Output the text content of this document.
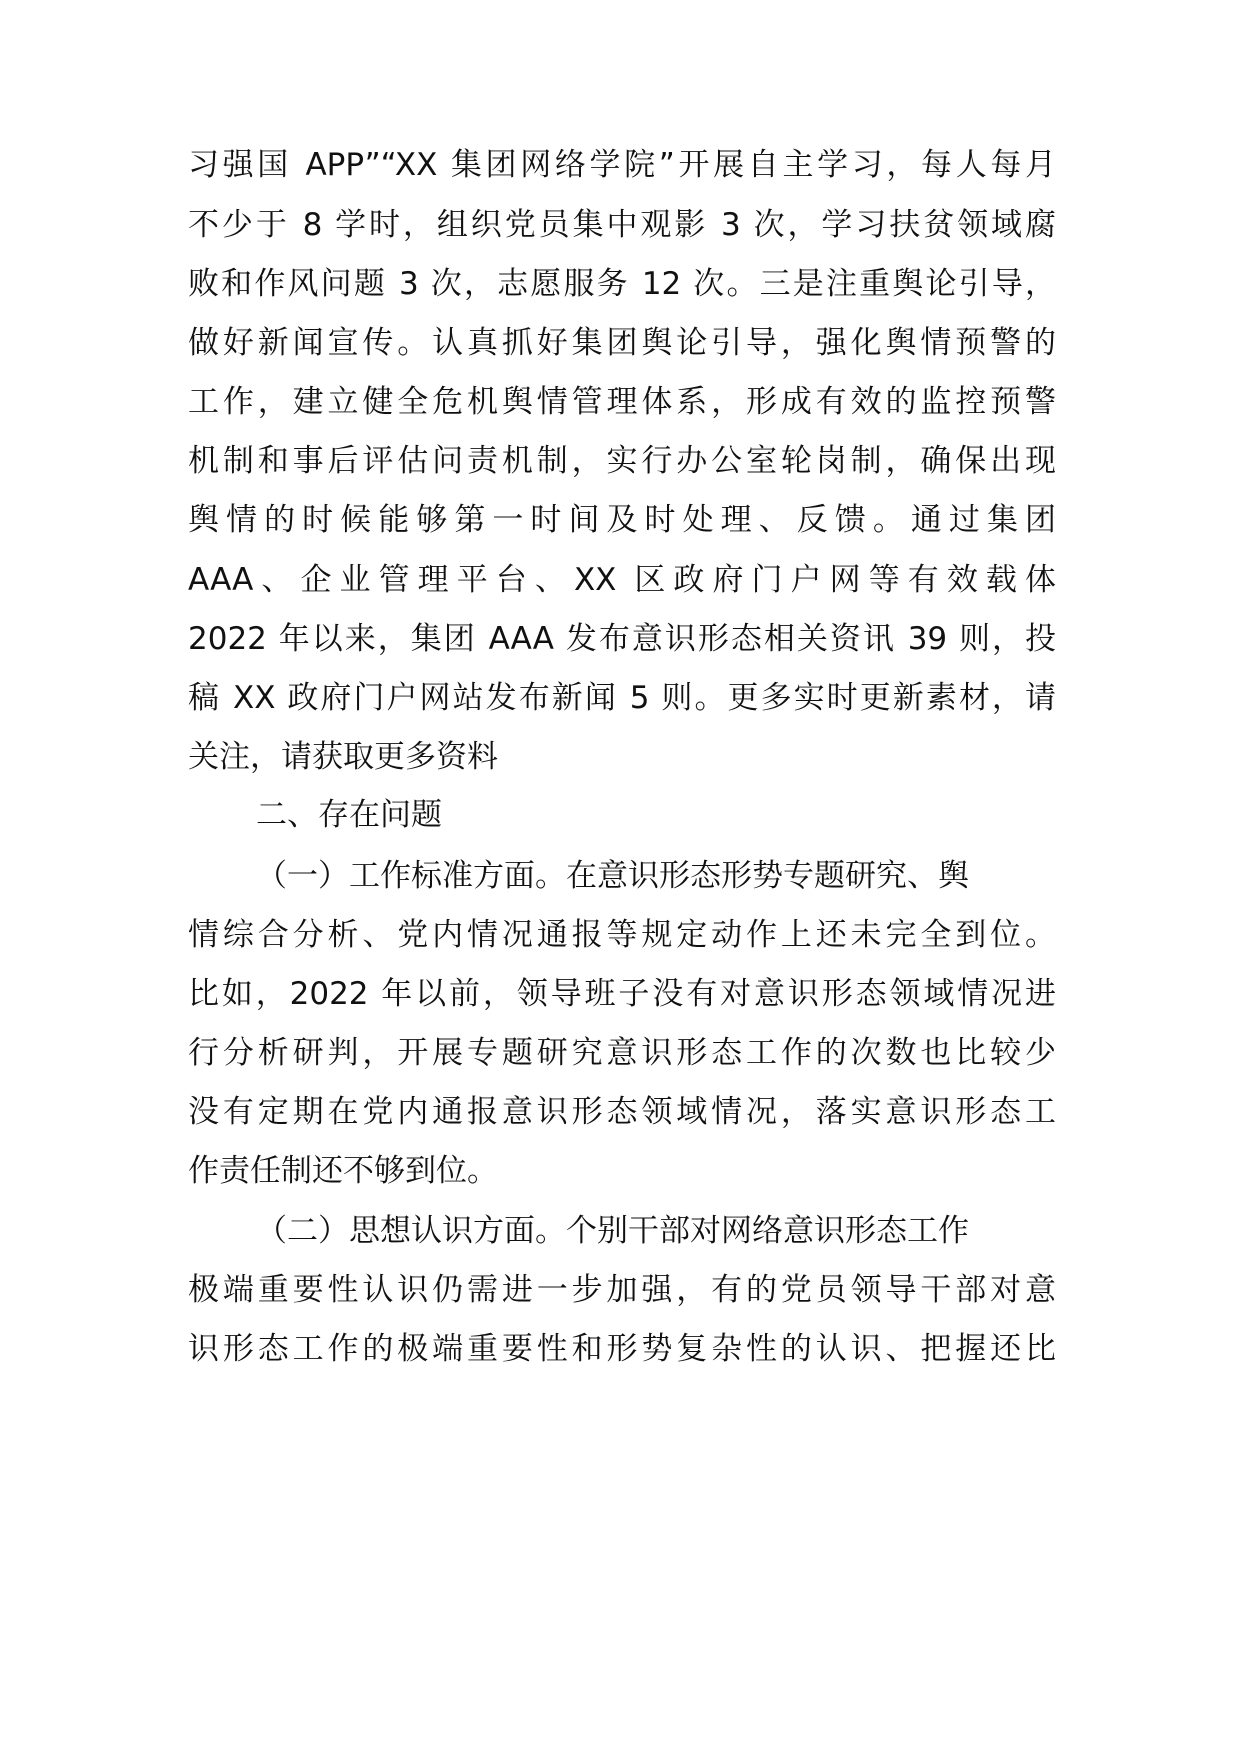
习强国 APP”“XX 集团网络学院”开展自主学习，每人每月
不少于 8 学时，组织党员集中观影 3 次，学习扶贫领域腐
败和作风问题 3 次，志愿服务 12 次。三是注重舆论引导，
做好新闻宣传。认真抓好集团舆论引导，强化舆情预警的
工作，建立健全危机舆情管理体系，形成有效的监控预警
机制和事后评估问责机制，实行办公室轮岗制，确保出现
舆情的时候能够第一时间及时处理、反馈。通过集团
AAA、企业管理平台、XX 区政府门户网等有效载体
2022 年以来，集团 AAA 发布意识形态相关资讯 39 则，投
稿 XX 政府门户网站发布新闻 5 则。更多实时更新素材，请
关注，请获取更多资料
二、存在问题
（一）工作标准方面。在意识形态形势专题研究、舆
情综合分析、党内情况通报等规定动作上还未完全到位。
比如，2022 年以前，领导班子没有对意识形态领域情况进
行分析研判，开展专题研究意识形态工作的次数也比较少
没有定期在党内通报意识形态领域情况，落实意识形态工
作责任制还不够到位。
（二）思想认识方面。个别干部对网络意识形态工作
极端重要性认识仍需进一步加强，有的党员领导干部对意
识形态工作的极端重要性和形势复杂性的认识、把握还比
